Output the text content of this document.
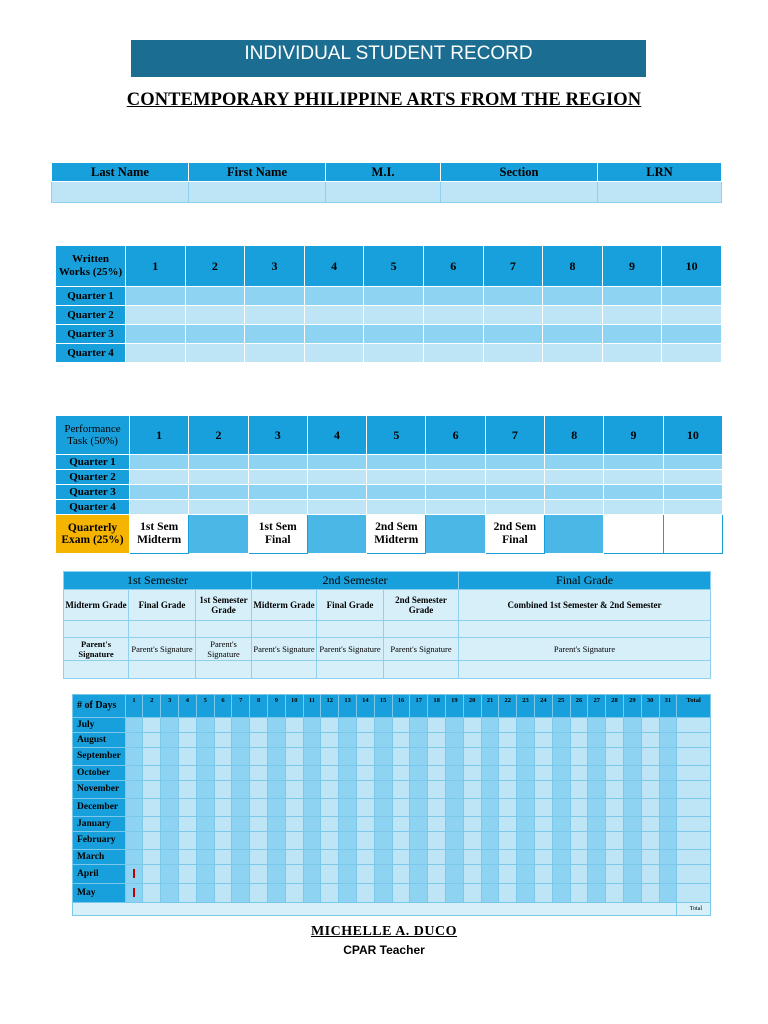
INDIVIDUAL STUDENT RECORD
CONTEMPORARY PHILIPPINE ARTS FROM THE REGION
Last Name	First Name	M.I.	Section	LRN

Written Works (25%)	1	2	3	4	5	6	7	8	9	10
Quarter 1										
Quarter 2										
Quarter 3										
Quarter 4										
Performance Task (50%)	1	2	3	4	5	6	7	8	9	10
Quarter 1										
Quarter 2										
Quarter 3										
Quarter 4										
Quarterly Exam (25%)	1st Sem Midterm		1st Sem Final		2nd Sem Midterm		2nd Sem Final			
1st Semester			2nd Semester			Final Grade
Midterm Grade	Final Grade	1st Semester Grade	Midterm Grade	Final Grade	2nd Semester Grade	Combined 1st Semester & 2nd Semester

Parent's Signature	Parent's Signature	Parent's Signature	Parent's Signature	Parent's Signature	Parent's Signature	Parent's Signature

# of Days	1	2	3	4	5	6	7	8	9	10	11	12	13	14	15	16	17	18	19	20	21	22	23	24	25	26	27	28	29	30	31	Total
July																																
August																																
September																																
October																																
November																																
December																																
January																																
February																																
March																																
April																																
May																																
																																Total
MICHELLE A. DUCO
CPAR Teacher
